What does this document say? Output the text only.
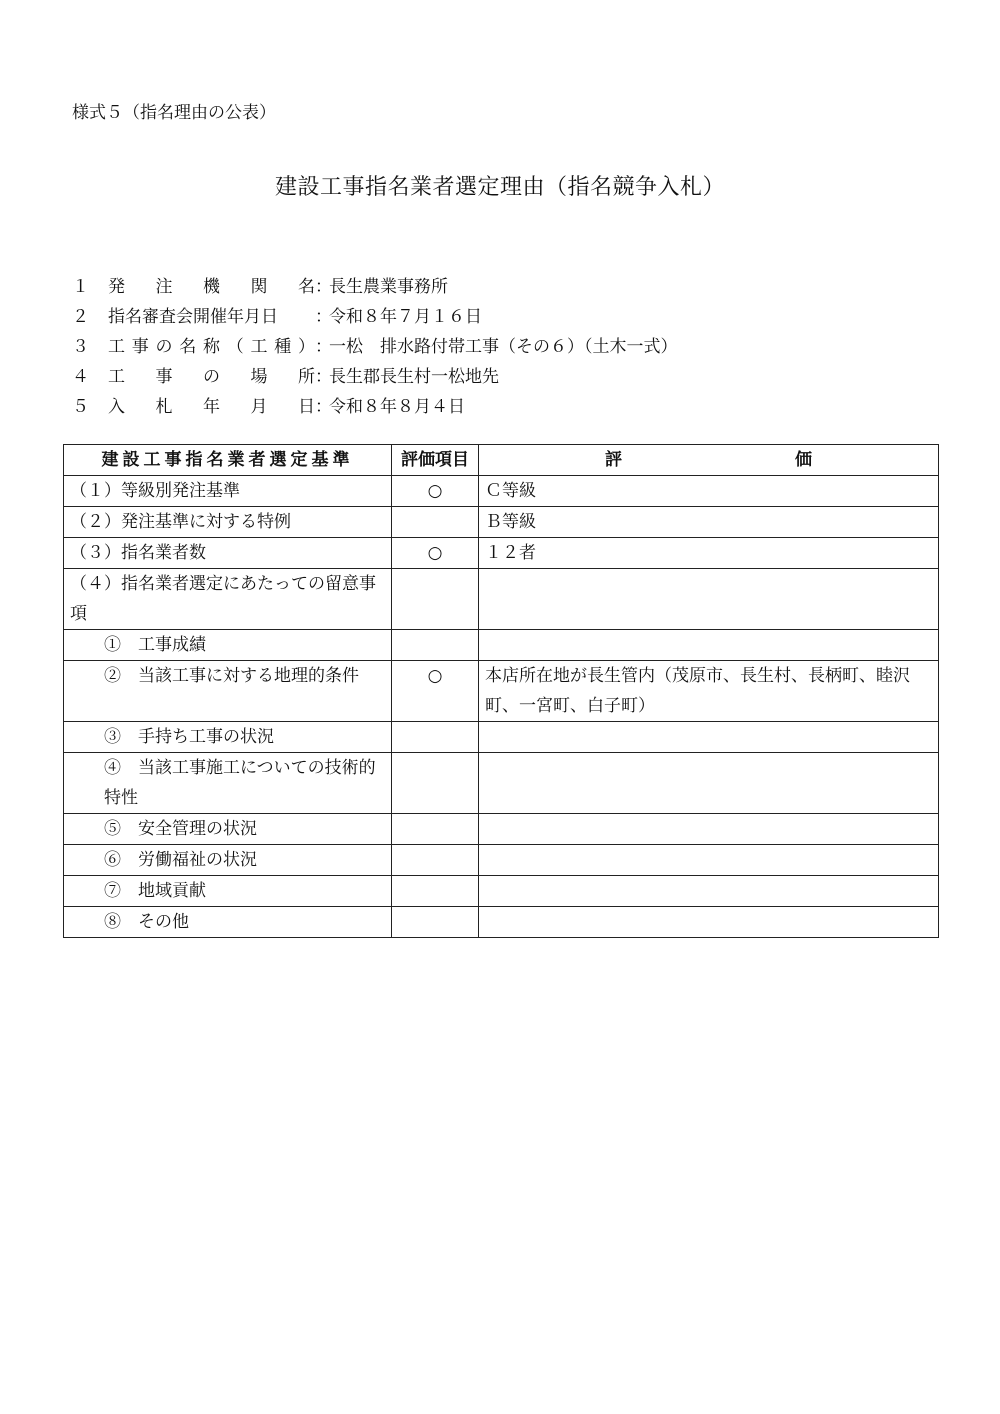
様式５（指名理由の公表）
建設工事指名業者選定理由（指名競争入札）
１	発 注 機 関 名 ：
長生農業事務所
２	指名審査会開催年月日 ：
令和８年７月１６日
３	工 事 の 名 称 （ 工 種 ） ：
一松　排水路付帯工事（その６）（土木一式）
４	工 事 の 場 所 ：
長生郡長生村一松地先
５	入 札 年 月 日 ：
令和８年８月４日
建設工事指名業者選定基準	評価項目	評 価

（１）等級別発注基準	○	Ｃ等級
（２）発注基準に対する特例		Ｂ等級
（３）指名業者数	○	１２者
（４）指名業者選定にあたっての留意事項		
①　工事成績		
②　当該工事に対する地理的条件	○	本店所在地が長生管内（茂原市、長生村、長柄町、睦沢町、一宮町、白子町）
③　手持ち工事の状況		
④　当該工事施工についての技術的特性		
⑤　安全管理の状況		
⑥　労働福祉の状況		
⑦　地域貢献		
⑧　その他		
